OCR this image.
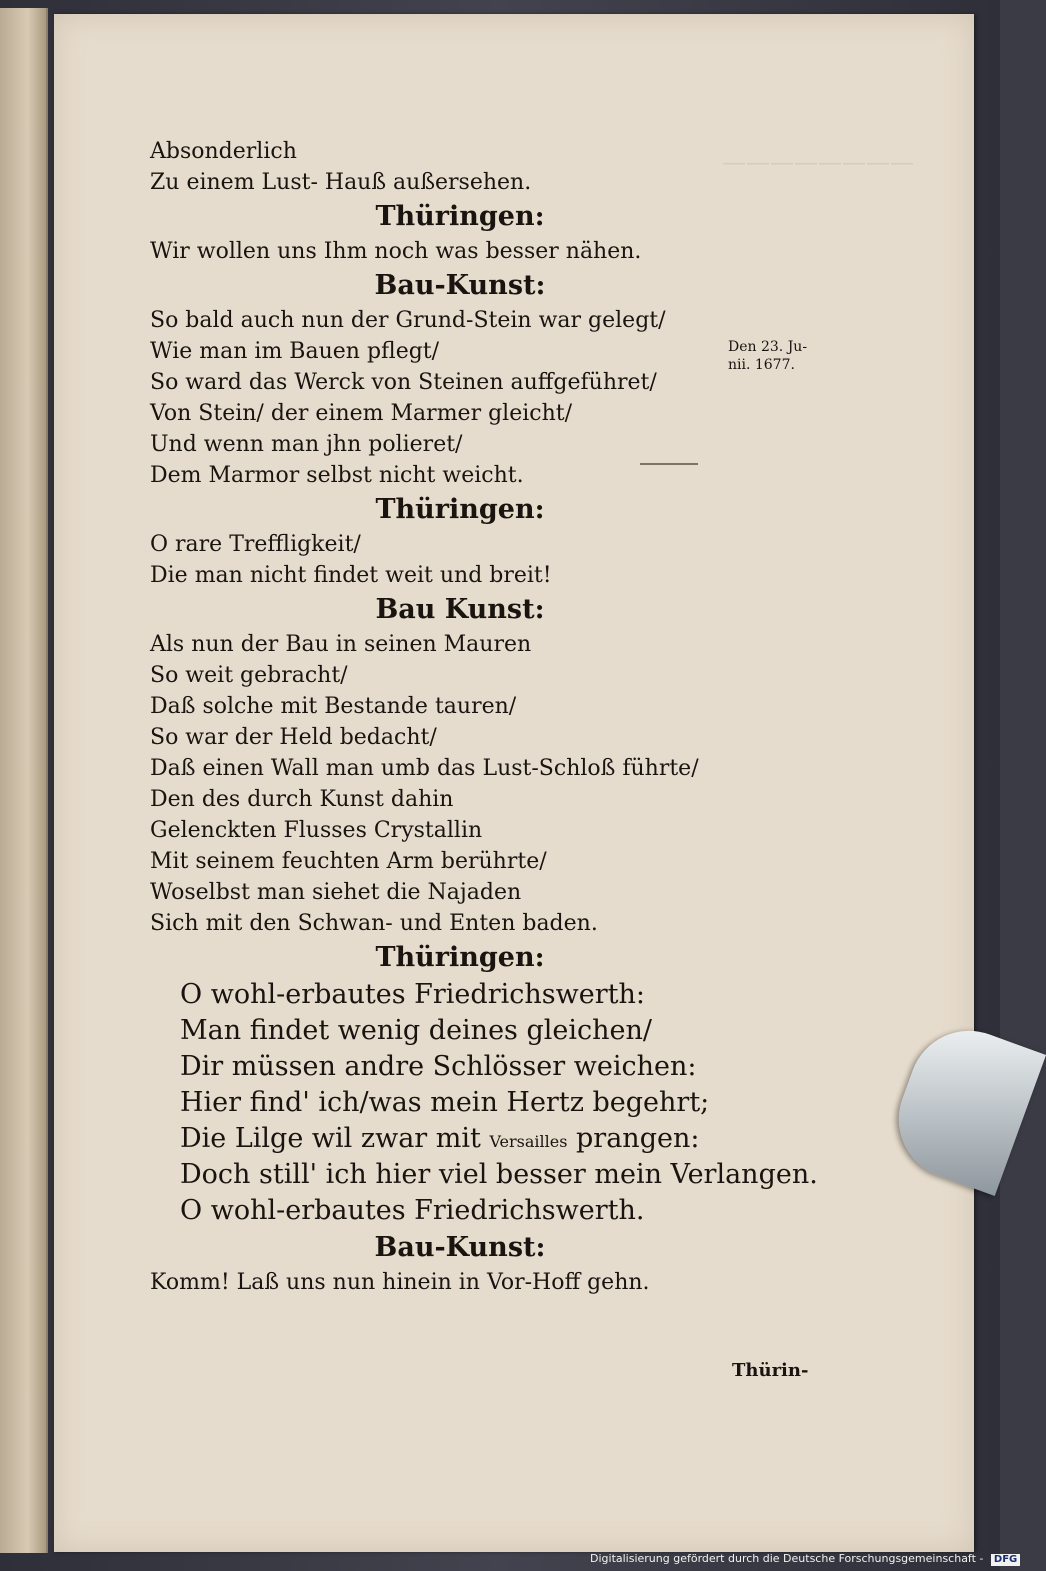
————————
Absonderlich
Zu einem Lust- Hauß außersehen.
Thüringen:
Wir wollen uns Ihm noch was besser nähen.
Bau-Kunst:
So bald auch nun der Grund-Stein war gelegt/
Wie man im Bauen pflegt/
So ward das Werck von Steinen auffgeführet/
Von Stein/ der einem Marmer gleicht/
Und wenn man jhn polieret/
Dem Marmor selbst nicht weicht.
Thüringen:
O rare Treffligkeit/
Die man nicht findet weit und breit!
Bau Kunst:
Als nun der Bau in seinen Mauren
So weit gebracht/
Daß solche mit Bestande tauren/
So war der Held bedacht/
Daß einen Wall man umb das Lust-Schloß führte/
Den des durch Kunst dahin
Gelenckten Flusses Crystallin
Mit seinem feuchten Arm berührte/
Woselbst man siehet die Najaden
Sich mit den Schwan- und Enten baden.
Thüringen:
O wohl-erbautes Friedrichswerth:
Man findet wenig deines gleichen/
Dir müssen andre Schlösser weichen:
Hier find' ich/was mein Hertz begehrt;
Die Lilge wil zwar mit Versailles prangen:
Doch still' ich hier viel besser mein Verlangen.
O wohl-erbautes Friedrichswerth.
Bau-Kunst:
Komm! Laß uns nun hinein in Vor-Hoff gehn.
Den 23. Ju-
nii. 1677.
Thürin-
Digitalisierung gefördert durch die Deutsche Forschungsgemeinschaft - DFG
